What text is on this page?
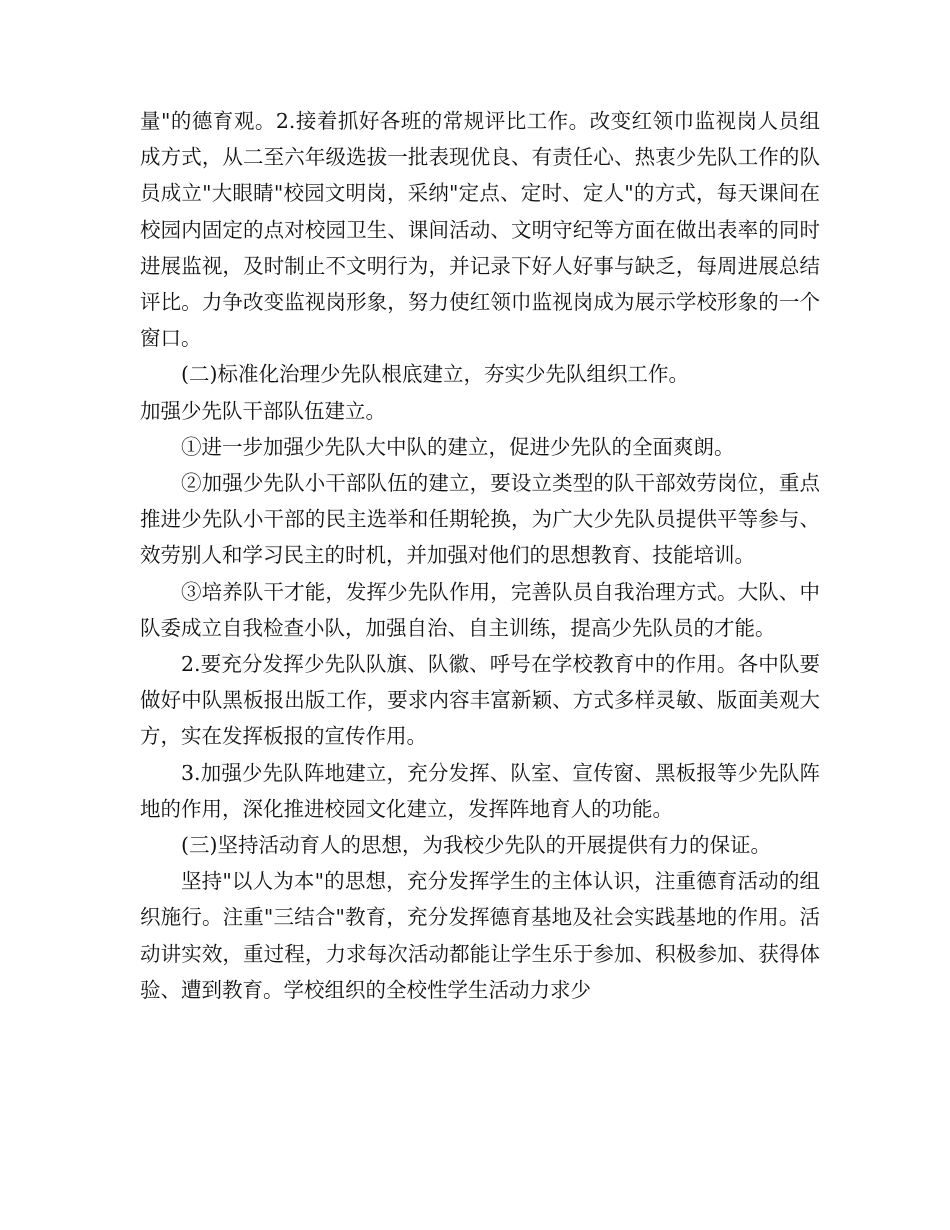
量"的德育观。2.接着抓好各班的常规评比工作。改变红领巾监视岗人员组成方式，从二至六年级选拔一批表现优良、有责任心、热衷少先队工作的队员成立"大眼睛"校园文明岗，采纳"定点、定时、定人"的方式，每天课间在校园内固定的点对校园卫生、课间活动、文明守纪等方面在做出表率的同时进展监视，及时制止不文明行为，并记录下好人好事与缺乏，每周进展总结评比。力争改变监视岗形象，努力使红领巾监视岗成为展示学校形象的一个窗口。

(二)标准化治理少先队根底建立，夯实少先队组织工作。

加强少先队干部队伍建立。

①进一步加强少先队大中队的建立，促进少先队的全面爽朗。

②加强少先队小干部队伍的建立，要设立类型的队干部效劳岗位，重点推进少先队小干部的民主选举和任期轮换，为广大少先队员提供平等参与、效劳别人和学习民主的时机，并加强对他们的思想教育、技能培训。

③培养队干才能，发挥少先队作用，完善队员自我治理方式。大队、中队委成立自我检查小队，加强自治、自主训练，提高少先队员的才能。

2.要充分发挥少先队队旗、队徽、呼号在学校教育中的作用。各中队要做好中队黑板报出版工作，要求内容丰富新颖、方式多样灵敏、版面美观大方，实在发挥板报的宣传作用。

3.加强少先队阵地建立，充分发挥、队室、宣传窗、黑板报等少先队阵地的作用，深化推进校园文化建立，发挥阵地育人的功能。

(三)坚持活动育人的思想，为我校少先队的开展提供有力的保证。

坚持"以人为本"的思想，充分发挥学生的主体认识，注重德育活动的组织施行。注重"三结合"教育，充分发挥德育基地及社会实践基地的作用。活动讲实效，重过程，力求每次活动都能让学生乐于参加、积极参加、获得体验、遭到教育。学校组织的全校性学生活动力求少
